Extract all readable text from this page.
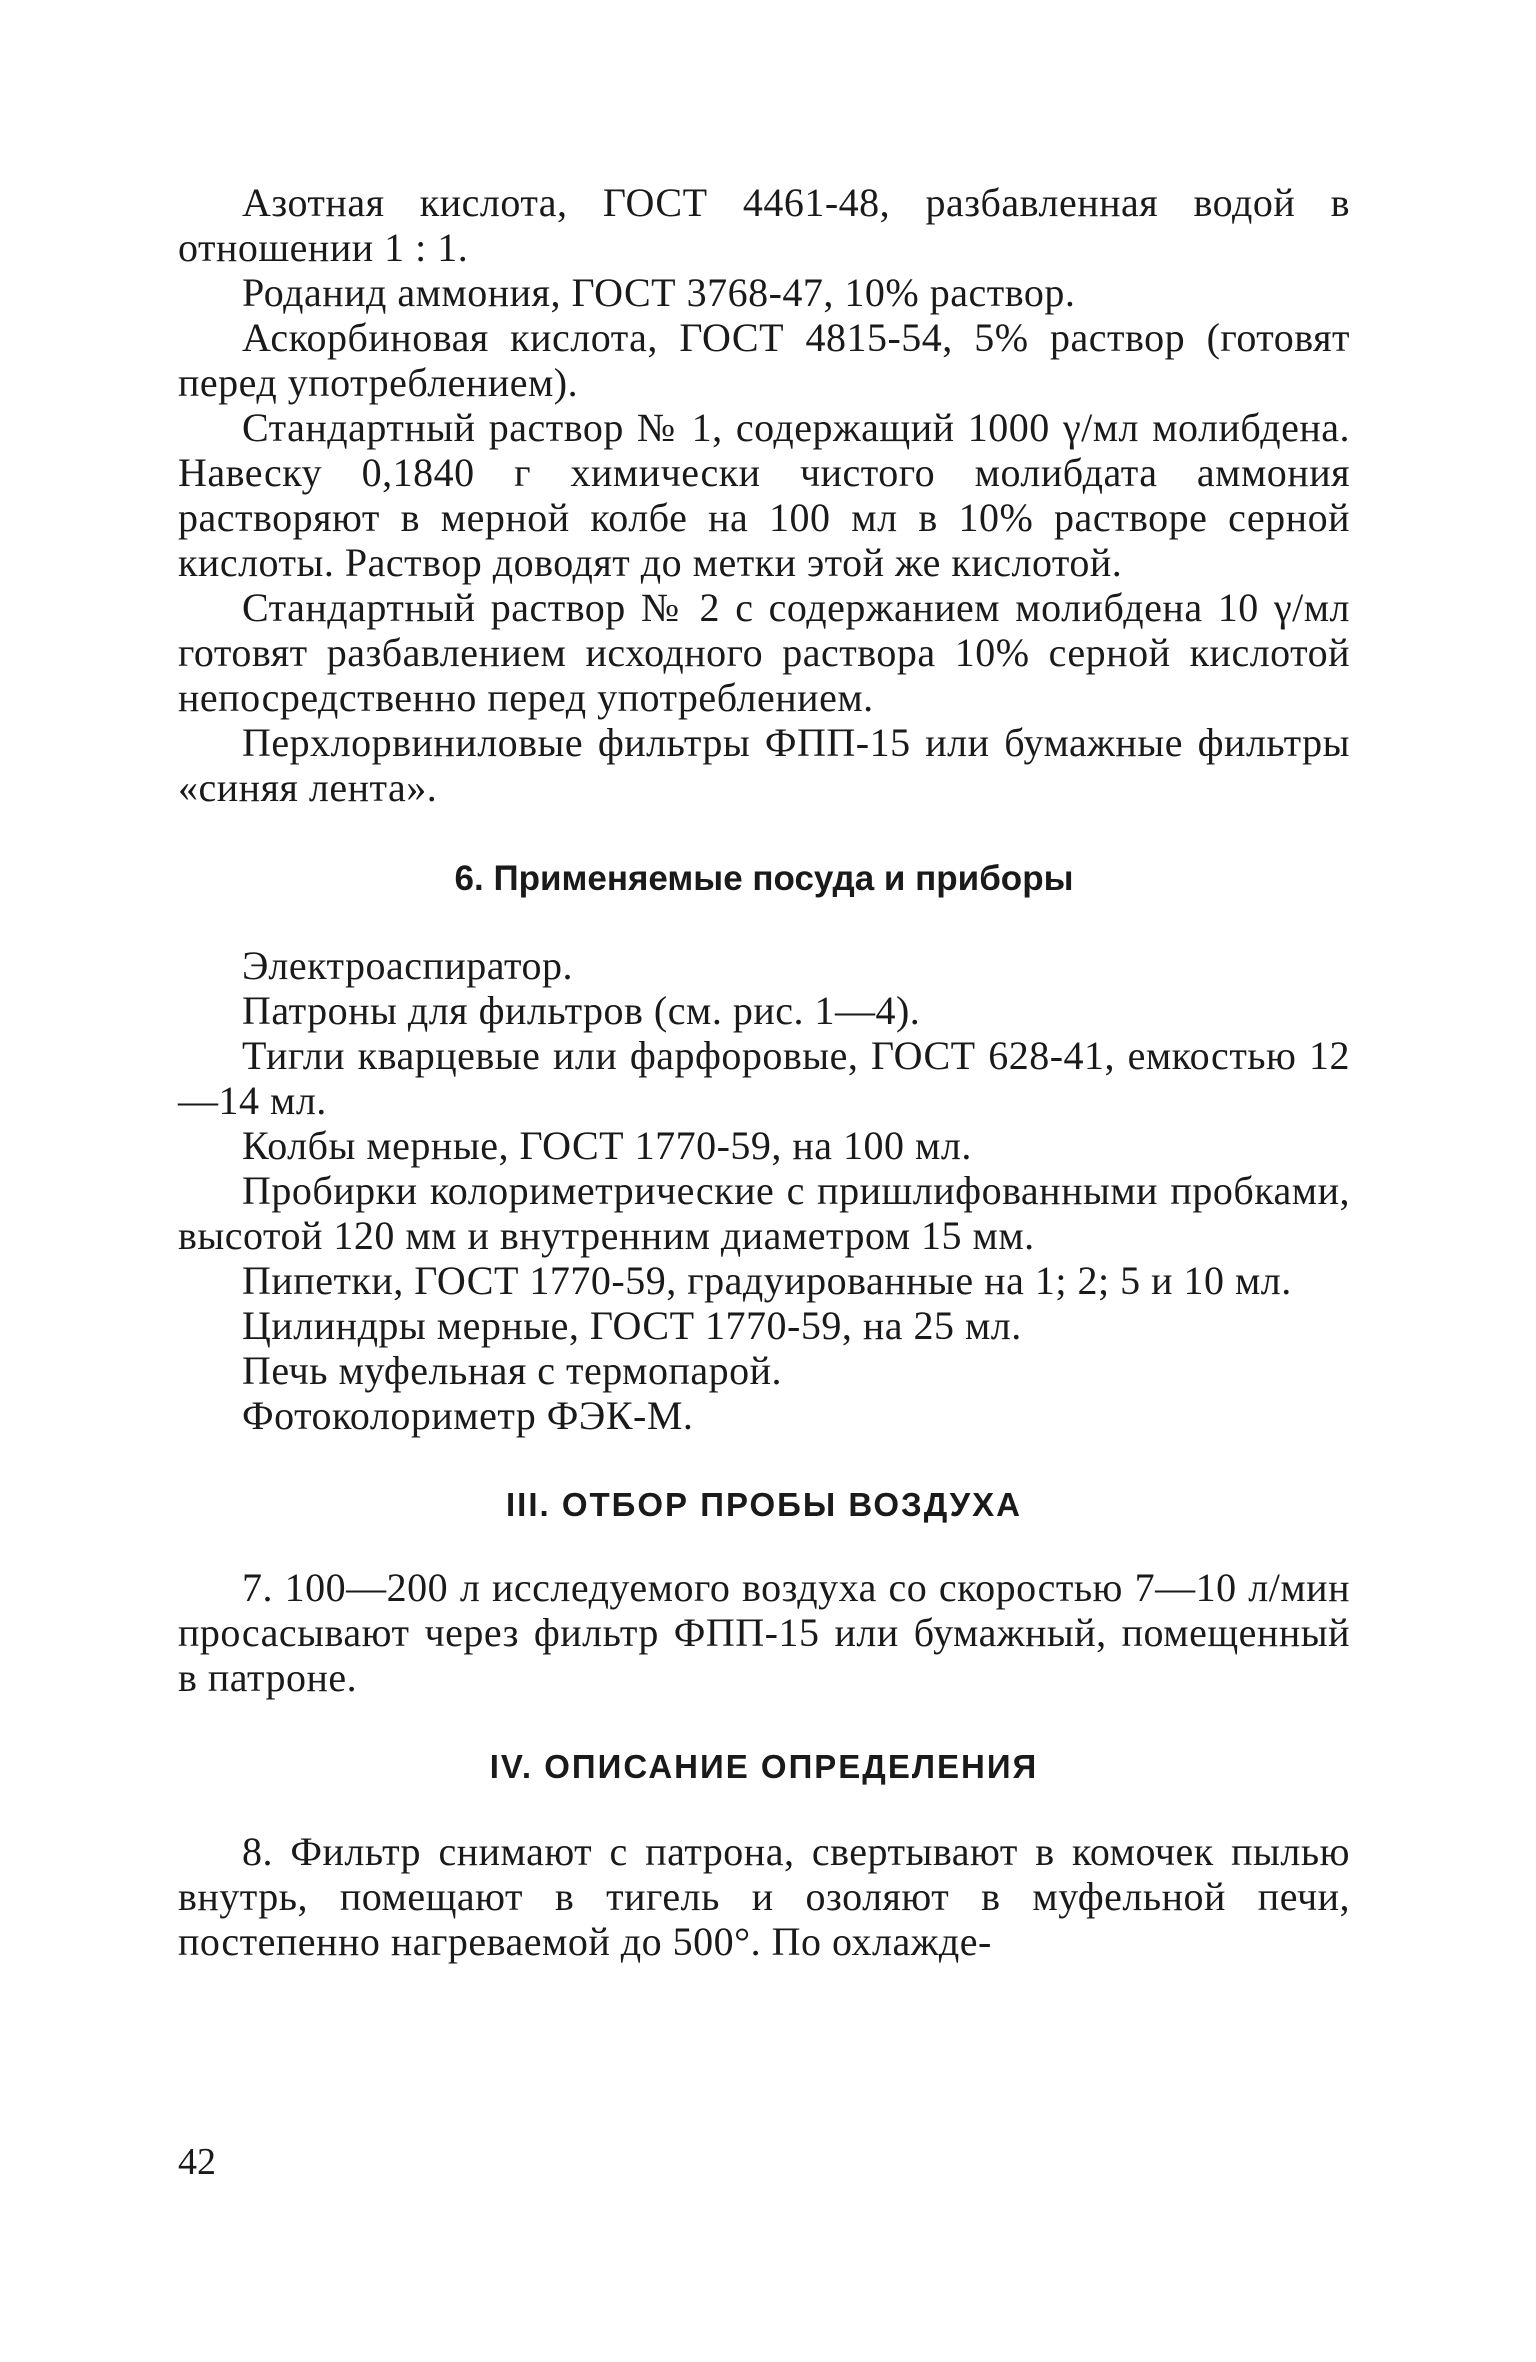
Азотная кислота, ГОСТ 4461-48, разбавленная водой в отношении 1 : 1.

Роданид аммония, ГОСТ 3768-47, 10% раствор.

Аскорбиновая кислота, ГОСТ 4815-54, 5% раствор (готовят перед употреблением).

Стандартный раствор № 1, содержащий 1000 γ/мл молибдена. Навеску 0,1840 г химически чистого молибдата аммония растворяют в мерной колбе на 100 мл в 10% растворе серной кислоты. Раствор доводят до метки этой же кислотой.

Стандартный раствор № 2 с содержанием молибдена 10 γ/мл готовят разбавлением исходного раствора 10% серной кислотой непосредственно перед употреблением.

Перхлорвиниловые фильтры ФПП-15 или бумажные фильтры «синяя лента».

6. Применяемые посуда и приборы

Электроаспиратор.

Патроны для фильтров (см. рис. 1—4).

Тигли кварцевые или фарфоровые, ГОСТ 628-41, емкостью 12—14 мл.

Колбы мерные, ГОСТ 1770-59, на 100 мл.

Пробирки колориметрические с пришлифованными пробками, высотой 120 мм и внутренним диаметром 15 мм.

Пипетки, ГОСТ 1770-59, градуированные на 1; 2; 5 и 10 мл.

Цилиндры мерные, ГОСТ 1770-59, на 25 мл.

Печь муфельная с термопарой.

Фотоколориметр ФЭК-М.

III. ОТБОР ПРОБЫ ВОЗДУХА

7. 100—200 л исследуемого воздуха со скоростью 7—10 л/мин просасывают через фильтр ФПП-15 или бумажный, помещенный в патроне.

IV. ОПИСАНИЕ ОПРЕДЕЛЕНИЯ

8. Фильтр снимают с патрона, свертывают в комочек пылью внутрь, помещают в тигель и озоляют в муфельной печи, постепенно нагреваемой до 500°. По охлажде-

42
